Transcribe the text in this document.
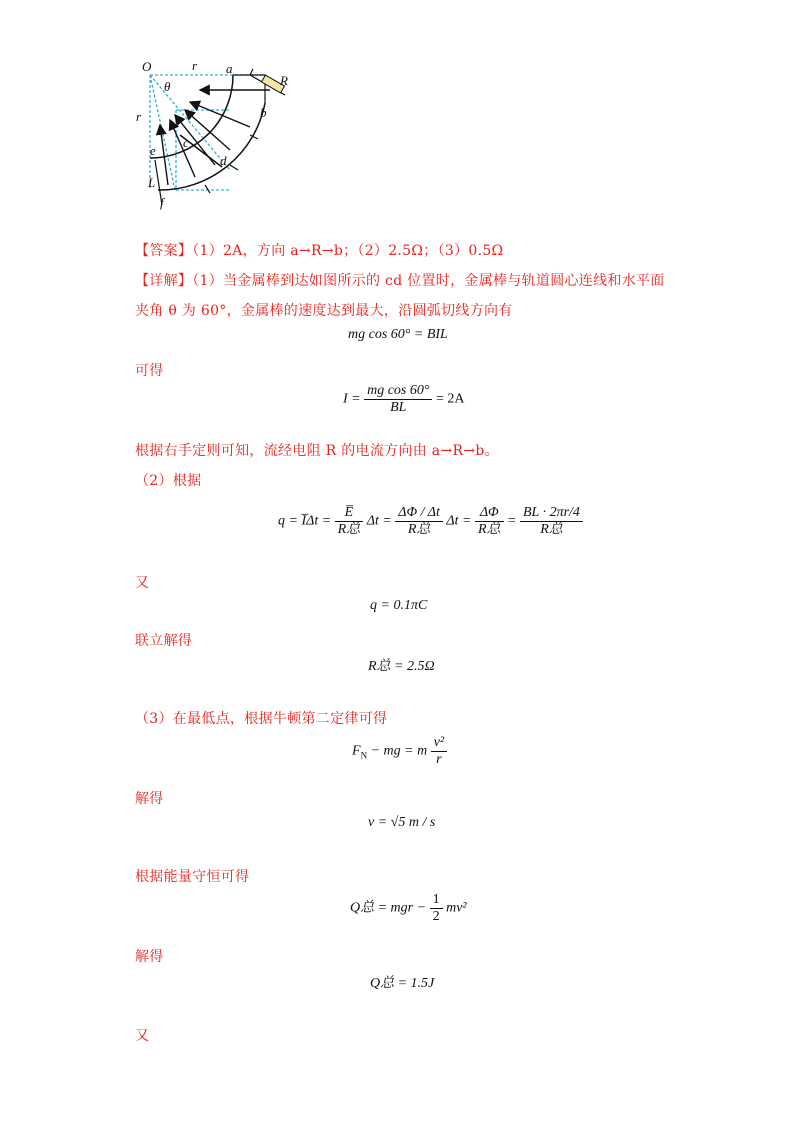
O	r a
R
θ
b
r
c
d
e
L
f
【答案】（1）2A，方向 a→R→b；（2）2.5Ω；（3）0.5Ω
【详解】（1）当金属棒到达如图所示的 cd 位置时，金属棒与轨道圆心连线和水平面
夹角 θ 为 60°，金属棒的速度达到最大，沿圆弧切线方向有
mg cos 60° = BIL
可得
$I = \frac{\text{mg cos 60°}}{BL} = 2A$
根据右手定则可知，流经电阻 R 的电流方向由 a→R→b。
（2）根据
q = I̅Δt = $\frac{E̅}{\text{R总}}$ $\Delta t = \frac{\Delta\Phi / \Delta t}{\text{R总}}$ $\Delta t = \frac{\Delta\Phi}{\text{R总}} = \frac{BL \cdot 2\pi r/4}{\text{R总}}$
又
q = 0.1πC
联立解得
R总 = 2.5Ω
（3）在最低点，根据牛顿第二定律可得
$F_N$ − mg = m $\frac{\text{v²}}{r}$
解得
v = √5 m / s
根据能量守恒可得
Q总 = mgr − $\frac{1}{2} mv^2$
解得
Q总 = 1.5J
又
